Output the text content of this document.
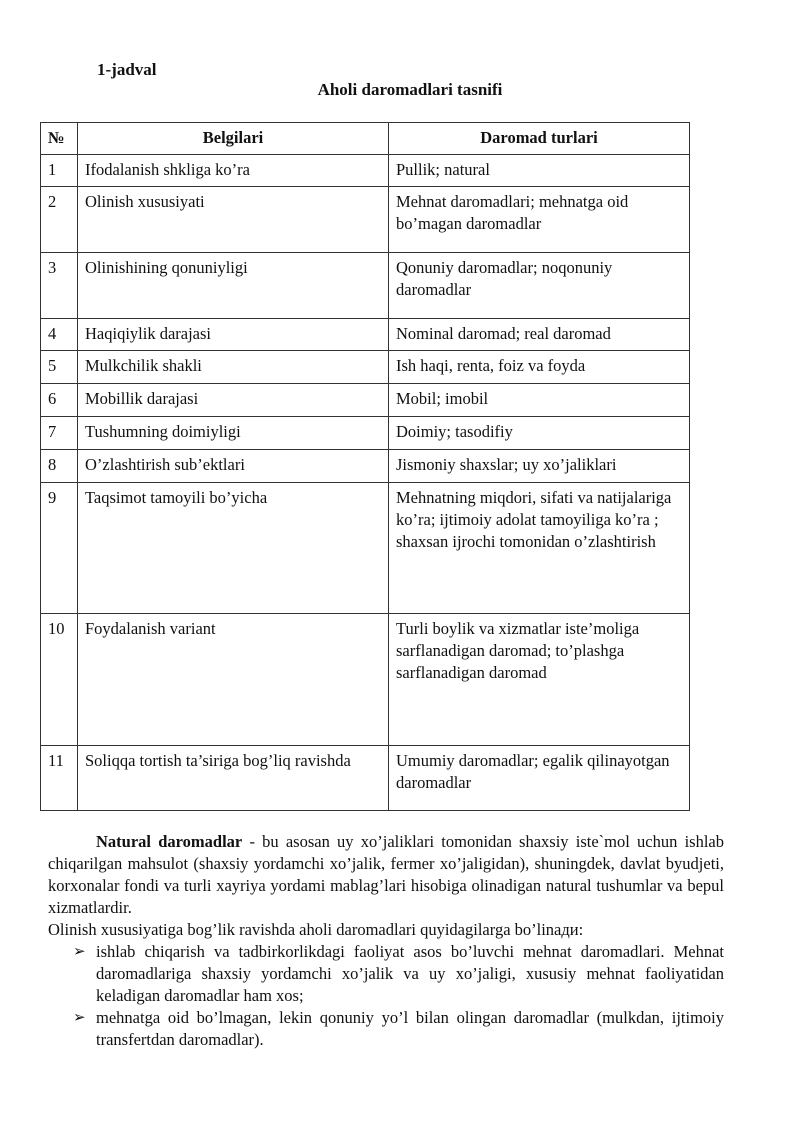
1-jadval
Aholi daromadlari tasnifi
№	Belgilari	Daromad turlari
1	Ifodalanish shkliga ko’ra	Pullik; natural
2	Olinish xususiyati	Mehnat daromadlari; mehnatga oid bo’magan daromadlar
3	Olinishining qonuniyligi	Qonuniy daromadlar; noqonuniy daromadlar
4	Haqiqiylik darajasi	Nominal daromad; real daromad
5	Mulkchilik shakli	Ish haqi, renta, foiz va foyda
6	Mobillik darajasi	Mobil; imobil
7	Tushumning doimiyligi	Doimiy; tasodifiy
8	O’zlashtirish sub’ektlari	Jismoniy shaxslar; uy xo’jaliklari
9	Taqsimot tamoyili bo’yicha	Mehnatning miqdori, sifati va natijalariga ko’ra; ijtimoiy adolat tamoyiliga ko’ra ; shaxsan ijrochi tomonidan o’zlashtirish
10	Foydalanish variant	Turli boylik va xizmatlar iste’moliga sarflanadigan daromad; to’plashga sarflanadigan daromad
11	Soliqqa tortish ta’siriga bog’liq ravishda	Umumiy daromadlar; egalik qilinayotgan daromadlar

Natural daromadlar - bu asosan uy xo’jaliklari tomonidan shaxsiy iste`mol uchun ishlab chiqarilgan mahsulot (shaxsiy yordamchi xo’jalik, fermer xo’jaligidan), shuningdek, davlat byudjeti, korxonalar fondi va turli xayriya yordami mablag’lari hisobiga olinadigan natural tushumlar va bepul xizmatlardir.

Olinish xususiyatiga bog’lik ravishda aholi daromadlari quyidagilarga bo’linади:

➢ ishlab chiqarish va tadbirkorlikdagi faoliyat asos bo’luvchi mehnat daromadlari. Mehnat daromadlariga shaxsiy yordamchi xo’jalik va uy xo’jaligi, xususiy mehnat faoliyatidan keladigan daromadlar ham xos;
➢ mehnatga oid bo’lmagan, lekin qonuniy yo’l bilan olingan daromadlar (mulkdan, ijtimoiy transfertdan daromadlar).
